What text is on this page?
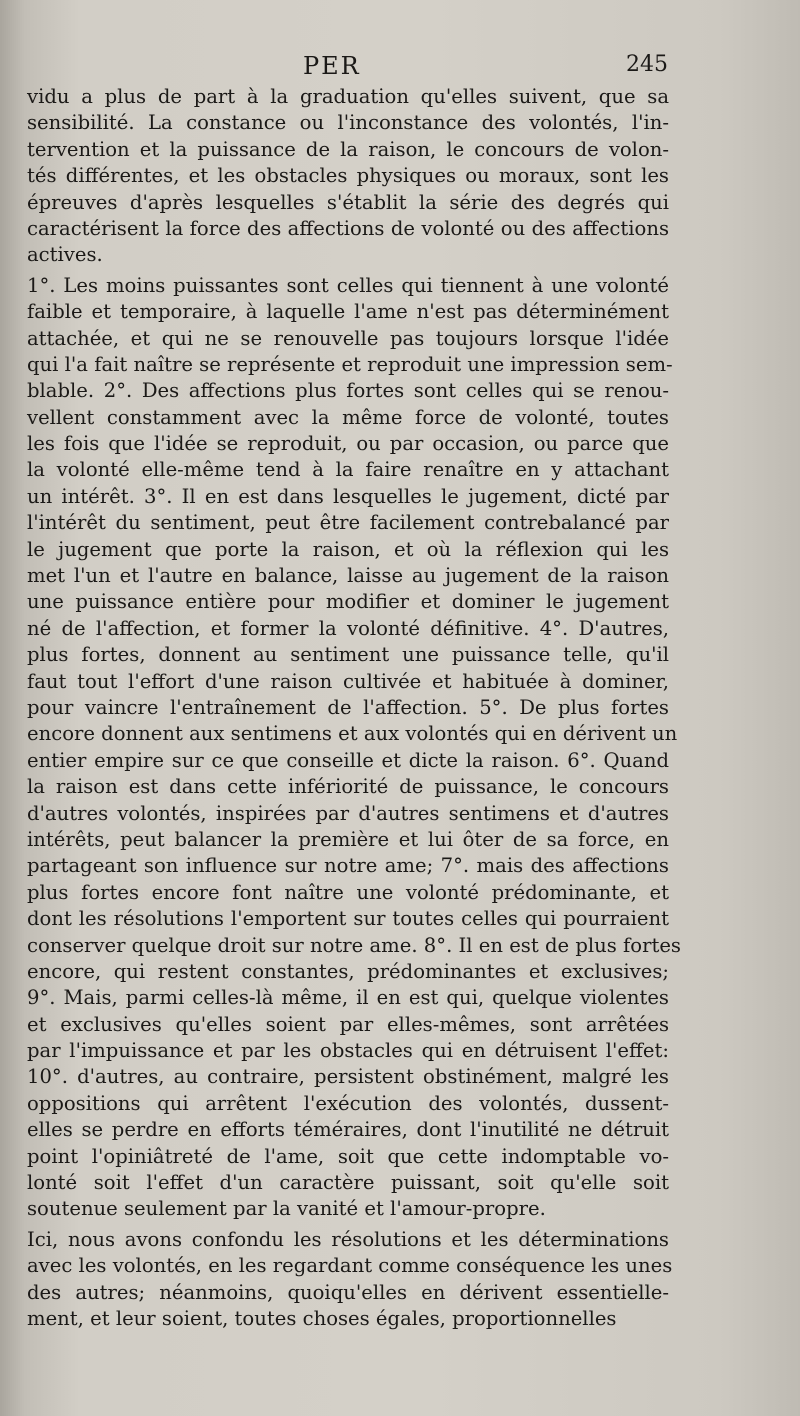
PER	245
vidu a plus de part à la graduation qu'elles suivent, que sa
sensibilité. La constance ou l'inconstance des volontés, l'in-
tervention et la puissance de la raison, le concours de volon-
tés différentes, et les obstacles physiques ou moraux, sont les
épreuves d'après lesquelles s'établit la série des degrés qui
caractérisent la force des affections de volonté ou des affections
actives.
1°. Les moins puissantes sont celles qui tiennent à une volonté
faible et temporaire, à laquelle l'ame n'est pas déterminément
attachée, et qui ne se renouvelle pas toujours lorsque l'idée
qui l'a fait naître se représente et reproduit une impression sem-
blable. 2°. Des affections plus fortes sont celles qui se renou-
vellent constamment avec la même force de volonté, toutes
les fois que l'idée se reproduit, ou par occasion, ou parce que
la volonté elle-même tend à la faire renaître en y attachant
un intérêt. 3°. Il en est dans lesquelles le jugement, dicté par
l'intérêt du sentiment, peut être facilement contrebalancé par
le jugement que porte la raison, et où la réflexion qui les
met l'un et l'autre en balance, laisse au jugement de la raison
une puissance entière pour modifier et dominer le jugement
né de l'affection, et former la volonté définitive. 4°. D'autres,
plus fortes, donnent au sentiment une puissance telle, qu'il
faut tout l'effort d'une raison cultivée et habituée à dominer,
pour vaincre l'entraînement de l'affection. 5°. De plus fortes
encore donnent aux sentimens et aux volontés qui en dérivent un
entier empire sur ce que conseille et dicte la raison. 6°. Quand
la raison est dans cette infériorité de puissance, le concours
d'autres volontés, inspirées par d'autres sentimens et d'autres
intérêts, peut balancer la première et lui ôter de sa force, en
partageant son influence sur notre ame; 7°. mais des affections
plus fortes encore font naître une volonté prédominante, et
dont les résolutions l'emportent sur toutes celles qui pourraient
conserver quelque droit sur notre ame. 8°. Il en est de plus fortes
encore, qui restent constantes, prédominantes et exclusives;
9°. Mais, parmi celles-là même, il en est qui, quelque violentes
et exclusives qu'elles soient par elles-mêmes, sont arrêtées
par l'impuissance et par les obstacles qui en détruisent l'effet:
10°. d'autres, au contraire, persistent obstinément, malgré les
oppositions qui arrêtent l'exécution des volontés, dussent-
elles se perdre en efforts téméraires, dont l'inutilité ne détruit
point l'opiniâtreté de l'ame, soit que cette indomptable vo-
lonté soit l'effet d'un caractère puissant, soit qu'elle soit
soutenue seulement par la vanité et l'amour-propre.
Ici, nous avons confondu les résolutions et les déterminations
avec les volontés, en les regardant comme conséquence les unes
des autres; néanmoins, quoiqu'elles en dérivent essentielle-
ment, et leur soient, toutes choses égales, proportionnelles
